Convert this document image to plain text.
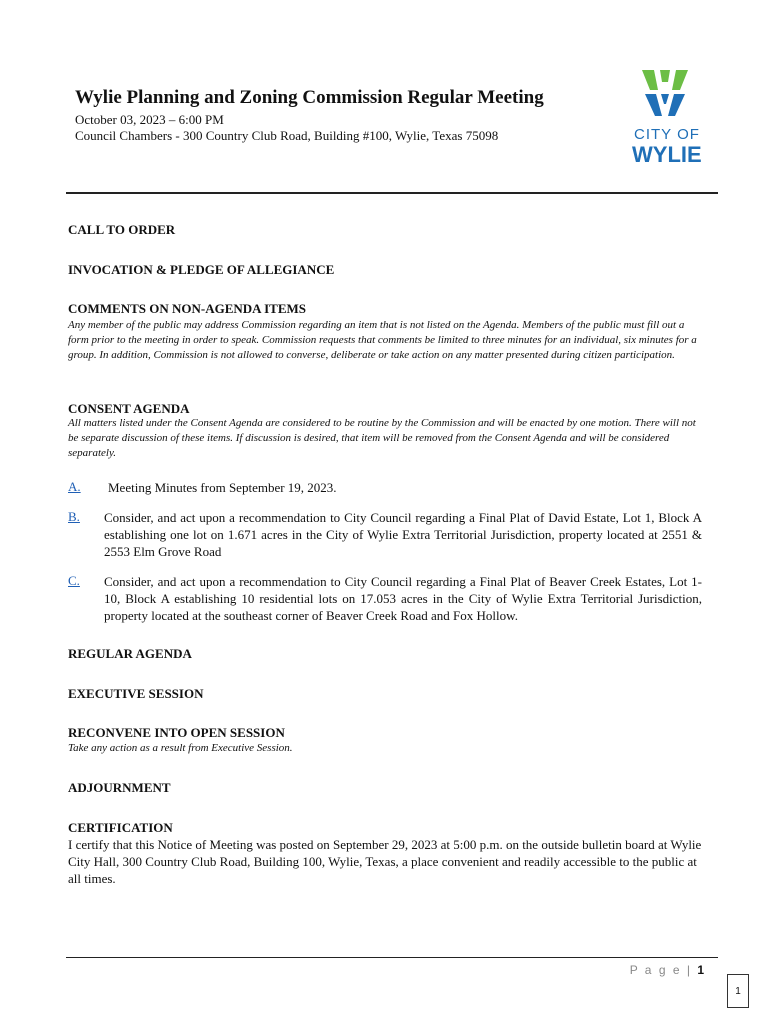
Wylie Planning and Zoning Commission Regular Meeting
October 03, 2023 – 6:00 PM
Council Chambers - 300 Country Club Road, Building #100, Wylie, Texas 75098	CITY OF
WYLIE
CALL TO ORDER
INVOCATION & PLEDGE OF ALLEGIANCE
COMMENTS ON NON-AGENDA ITEMS
Any member of the public may address Commission regarding an item that is not listed on the Agenda. Members of the public must fill out a form prior to the meeting in order to speak. Commission requests that comments be limited to three minutes for an individual, six minutes for a group. In addition, Commission is not allowed to converse, deliberate or take action on any matter presented during citizen participation.
CONSENT AGENDA
All matters listed under the Consent Agenda are considered to be routine by the Commission and will be enacted by one motion. There will not be separate discussion of these items. If discussion is desired, that item will be removed from the Consent Agenda and will be considered separately.
A. Meeting Minutes from September 19, 2023.
B. Consider, and act upon a recommendation to City Council regarding a Final Plat of David Estate, Lot 1, Block A establishing one lot on 1.671 acres in the City of Wylie Extra Territorial Jurisdiction, property located at 2551 & 2553 Elm Grove Road
C. Consider, and act upon a recommendation to City Council regarding a Final Plat of Beaver Creek Estates, Lot 1-10, Block A establishing 10 residential lots on 17.053 acres in the City of Wylie Extra Territorial Jurisdiction, property located at the southeast corner of Beaver Creek Road and Fox Hollow.
REGULAR AGENDA
EXECUTIVE SESSION
RECONVENE INTO OPEN SESSION
Take any action as a result from Executive Session.
ADJOURNMENT
CERTIFICATION
I certify that this Notice of Meeting was posted on September 29, 2023 at 5:00 p.m. on the outside bulletin board at Wylie City Hall, 300 Country Club Road, Building 100, Wylie, Texas, a place convenient and readily accessible to the public at all times.
P a g e | 1
1
